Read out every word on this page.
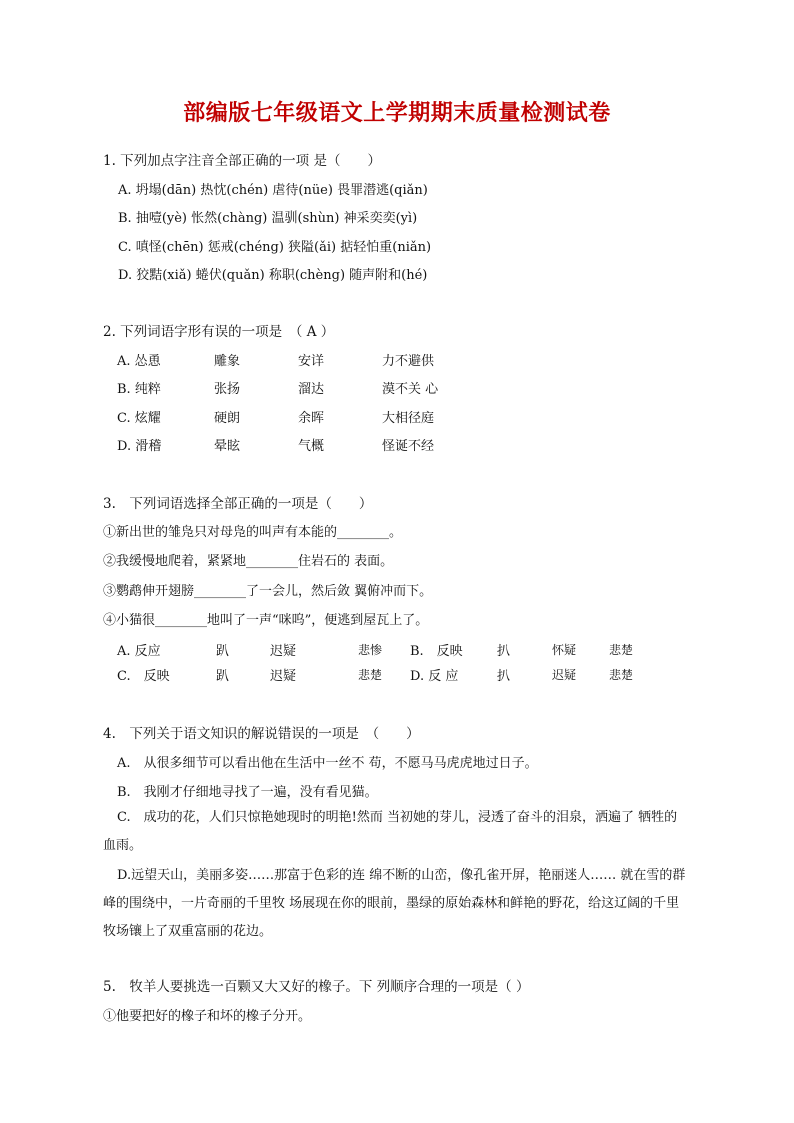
部编版七年级语文上学期期末质量检测试卷
1. 下列加点字注音全部正确的一项 是（　　）
A. 坍塌(dān) 热忱(chén) 虐待(nüe) 畏罪潜逃(qiǎn)
B. 抽噎(yè) 怅然(chàng) 温驯(shùn) 神采奕奕(yì)
C. 嗔怪(chēn) 惩戒(chéng) 狭隘(ǎi) 掂轻怕重(niǎn)
D. 狡黠(xiǎ) 蜷伏(quǎn) 称职(chèng) 随声附和(hé)
2. 下列词语字形有误的一项是　（ A ）
A. 怂恿	雕象	安详	力不避供
B. 纯粹	张扬	溜达	漠不关 心
C. 炫耀	硬朗	余晖	大相径庭
D. 滑稽	晕眩	气概	怪诞不经
3.　下列词语选择全部正确的一项是（　　）
①新出世的雏凫只对母凫的叫声有本能的________。
②我缓慢地爬着，紧紧地________住岩石的 表面。
③鹦鹉伸开翅膀________了一会儿，然后敛 翼俯冲而下。
④小猫很________地叫了一声“咪呜”，便逃到屋瓦上了。
A. 反应	趴	迟疑	悲惨 B.　反映	扒	怀疑	悲楚
C.　反映	趴	迟疑	悲楚 D. 反 应	扒	迟疑	悲楚
4.　下列关于语文知识的解说错误的一项是　（　　）
A.　从很多细节可以看出他在生活中一丝不 苟，不愿马马虎虎地过日子。
B.　我刚才仔细地寻找了一遍，没有看见猫。
C.　成功的花，人们只惊艳她现时的明艳!然而 当初她的芽儿，浸透了奋斗的泪泉，洒遍了 牺牲的血雨。
D.远望天山，美丽多姿……那富于色彩的连 绵不断的山峦，像孔雀开屏，艳丽迷人…… 就在雪的群峰的围绕中，一片奇丽的千里牧 场展现在你的眼前，墨绿的原始森林和鲜艳的野花，给这辽阔的千里牧场镶上了双重富丽的花边。
5.　牧羊人要挑选一百颗又大又好的橡子。下 列顺序合理的一项是（ ）
①他要把好的橡子和坏的橡子分开。
